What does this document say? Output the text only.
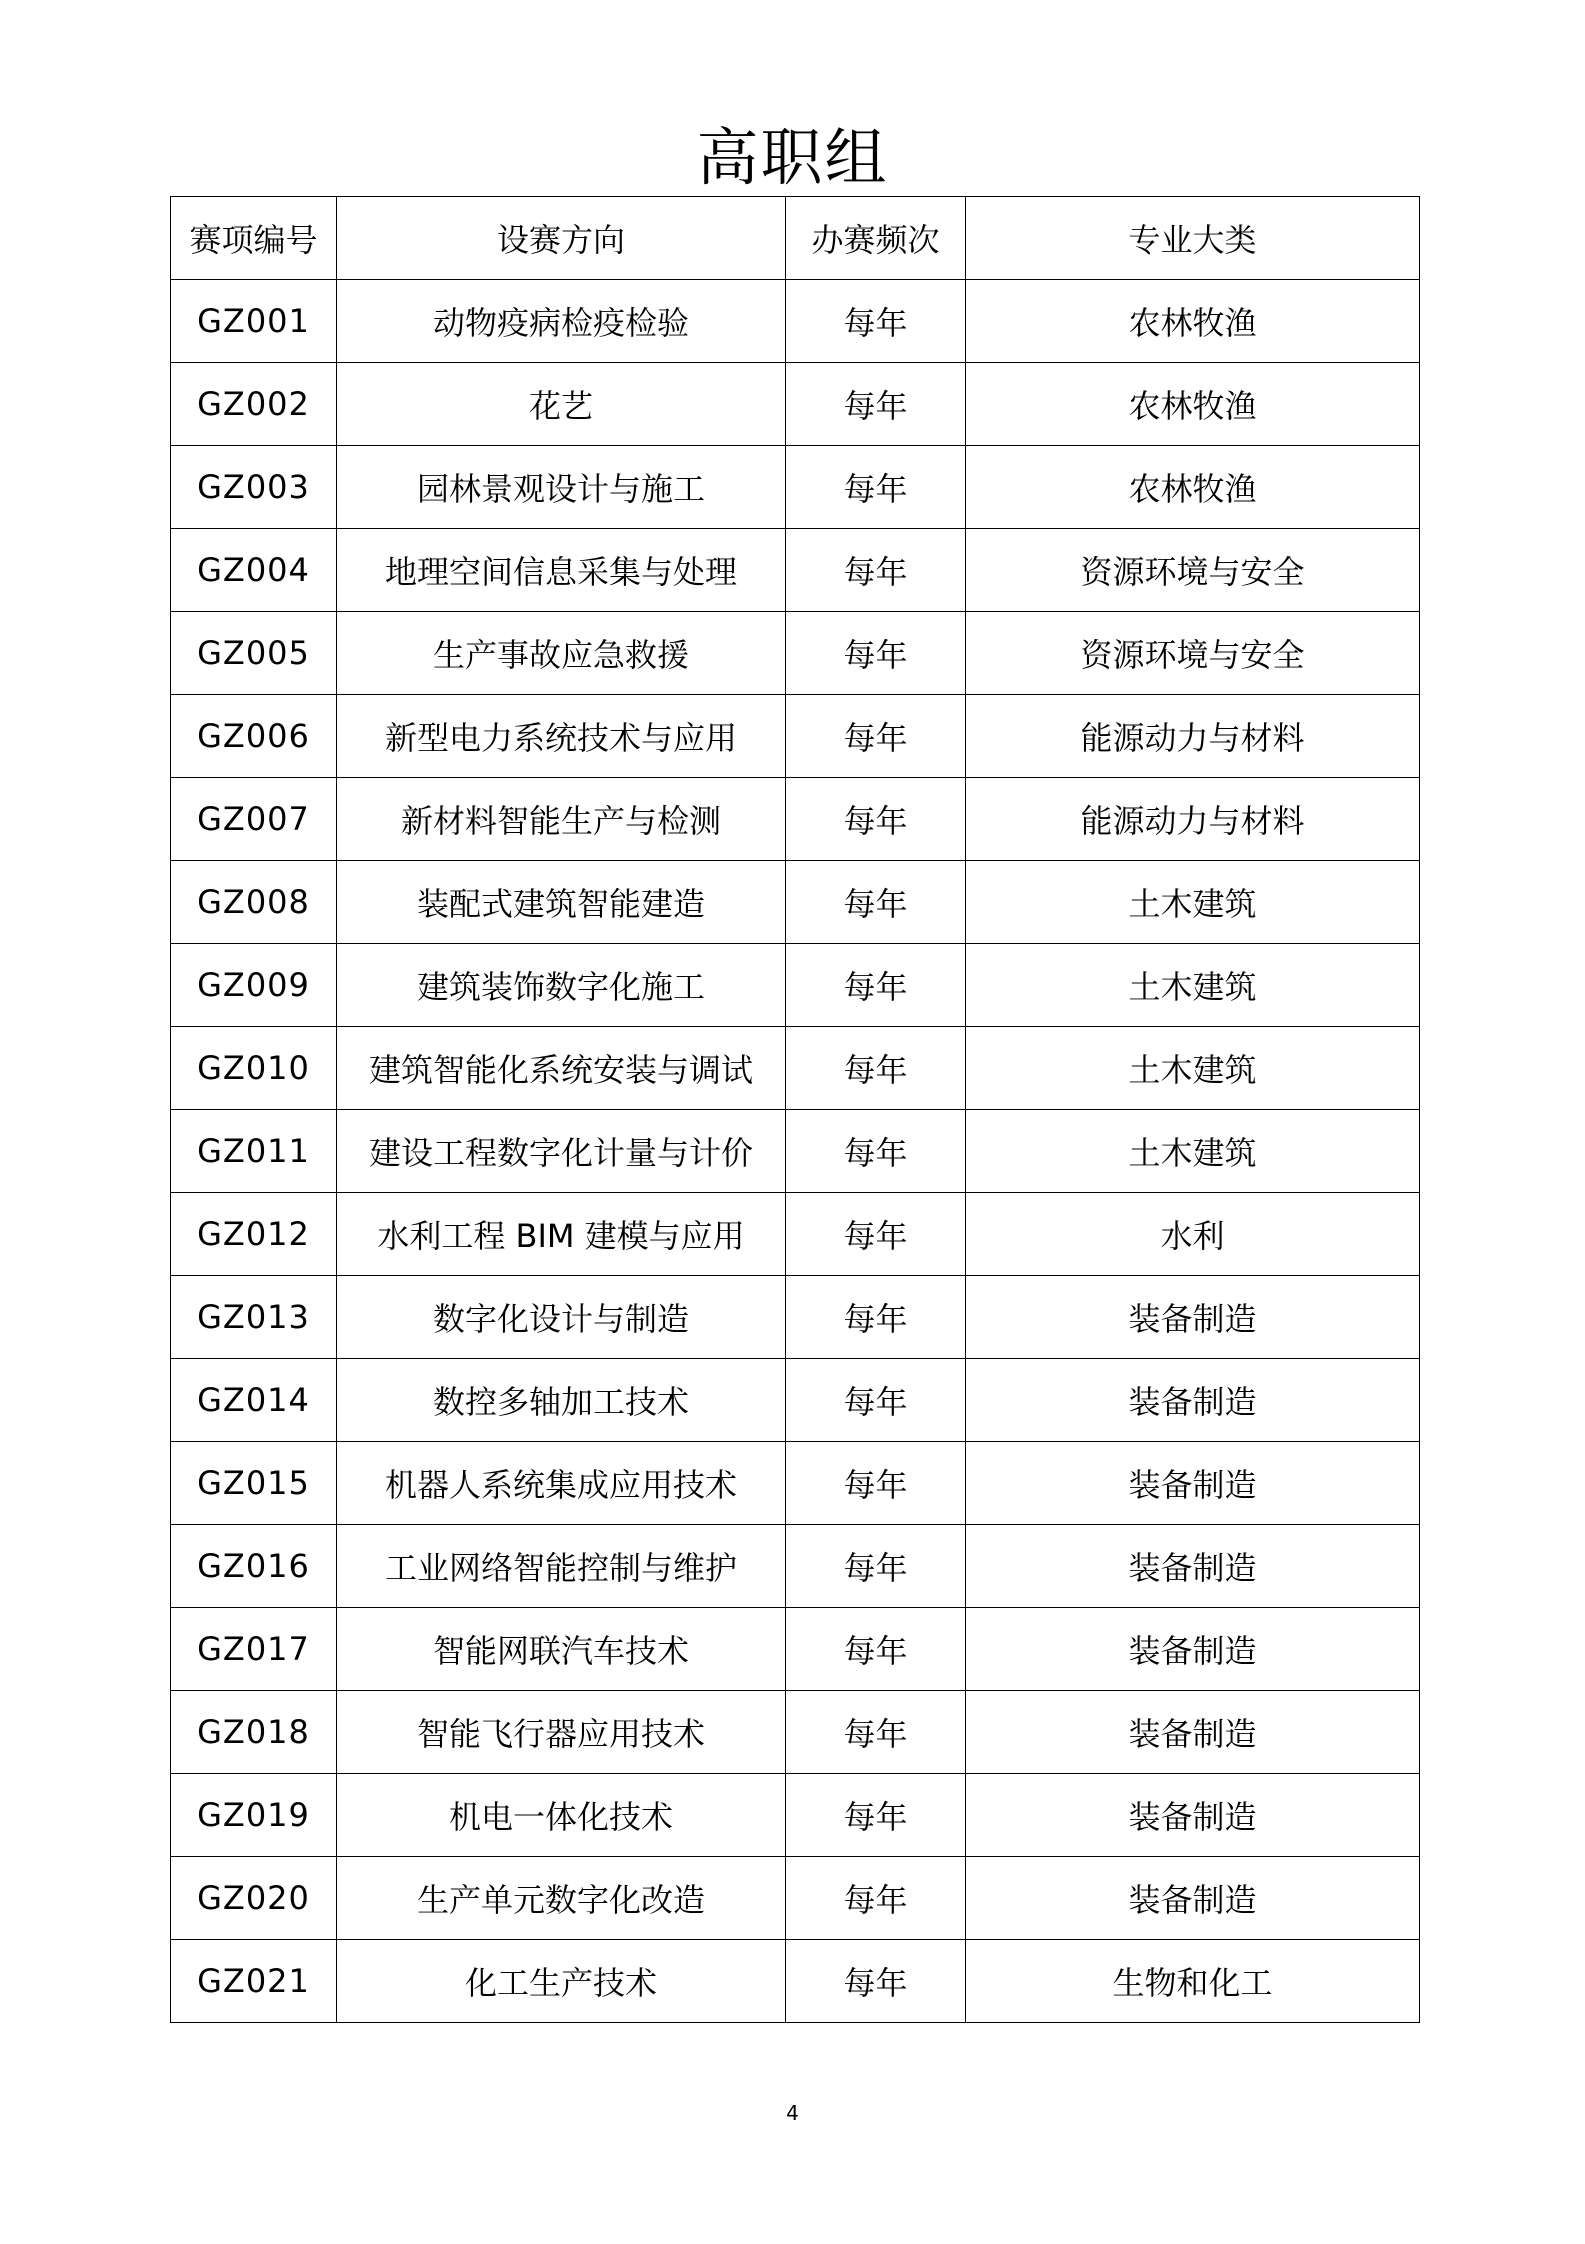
高职组
赛项编号	设赛方向	办赛频次	专业大类
GZ001	动物疫病检疫检验	每年	农林牧渔
GZ002	花艺	每年	农林牧渔
GZ003	园林景观设计与施工	每年	农林牧渔
GZ004	地理空间信息采集与处理	每年	资源环境与安全
GZ005	生产事故应急救援	每年	资源环境与安全
GZ006	新型电力系统技术与应用	每年	能源动力与材料
GZ007	新材料智能生产与检测	每年	能源动力与材料
GZ008	装配式建筑智能建造	每年	土木建筑
GZ009	建筑装饰数字化施工	每年	土木建筑
GZ010	建筑智能化系统安装与调试	每年	土木建筑
GZ011	建设工程数字化计量与计价	每年	土木建筑
GZ012	水利工程 BIM 建模与应用	每年	水利
GZ013	数字化设计与制造	每年	装备制造
GZ014	数控多轴加工技术	每年	装备制造
GZ015	机器人系统集成应用技术	每年	装备制造
GZ016	工业网络智能控制与维护	每年	装备制造
GZ017	智能网联汽车技术	每年	装备制造
GZ018	智能飞行器应用技术	每年	装备制造
GZ019	机电一体化技术	每年	装备制造
GZ020	生产单元数字化改造	每年	装备制造
GZ021	化工生产技术	每年	生物和化工
4
